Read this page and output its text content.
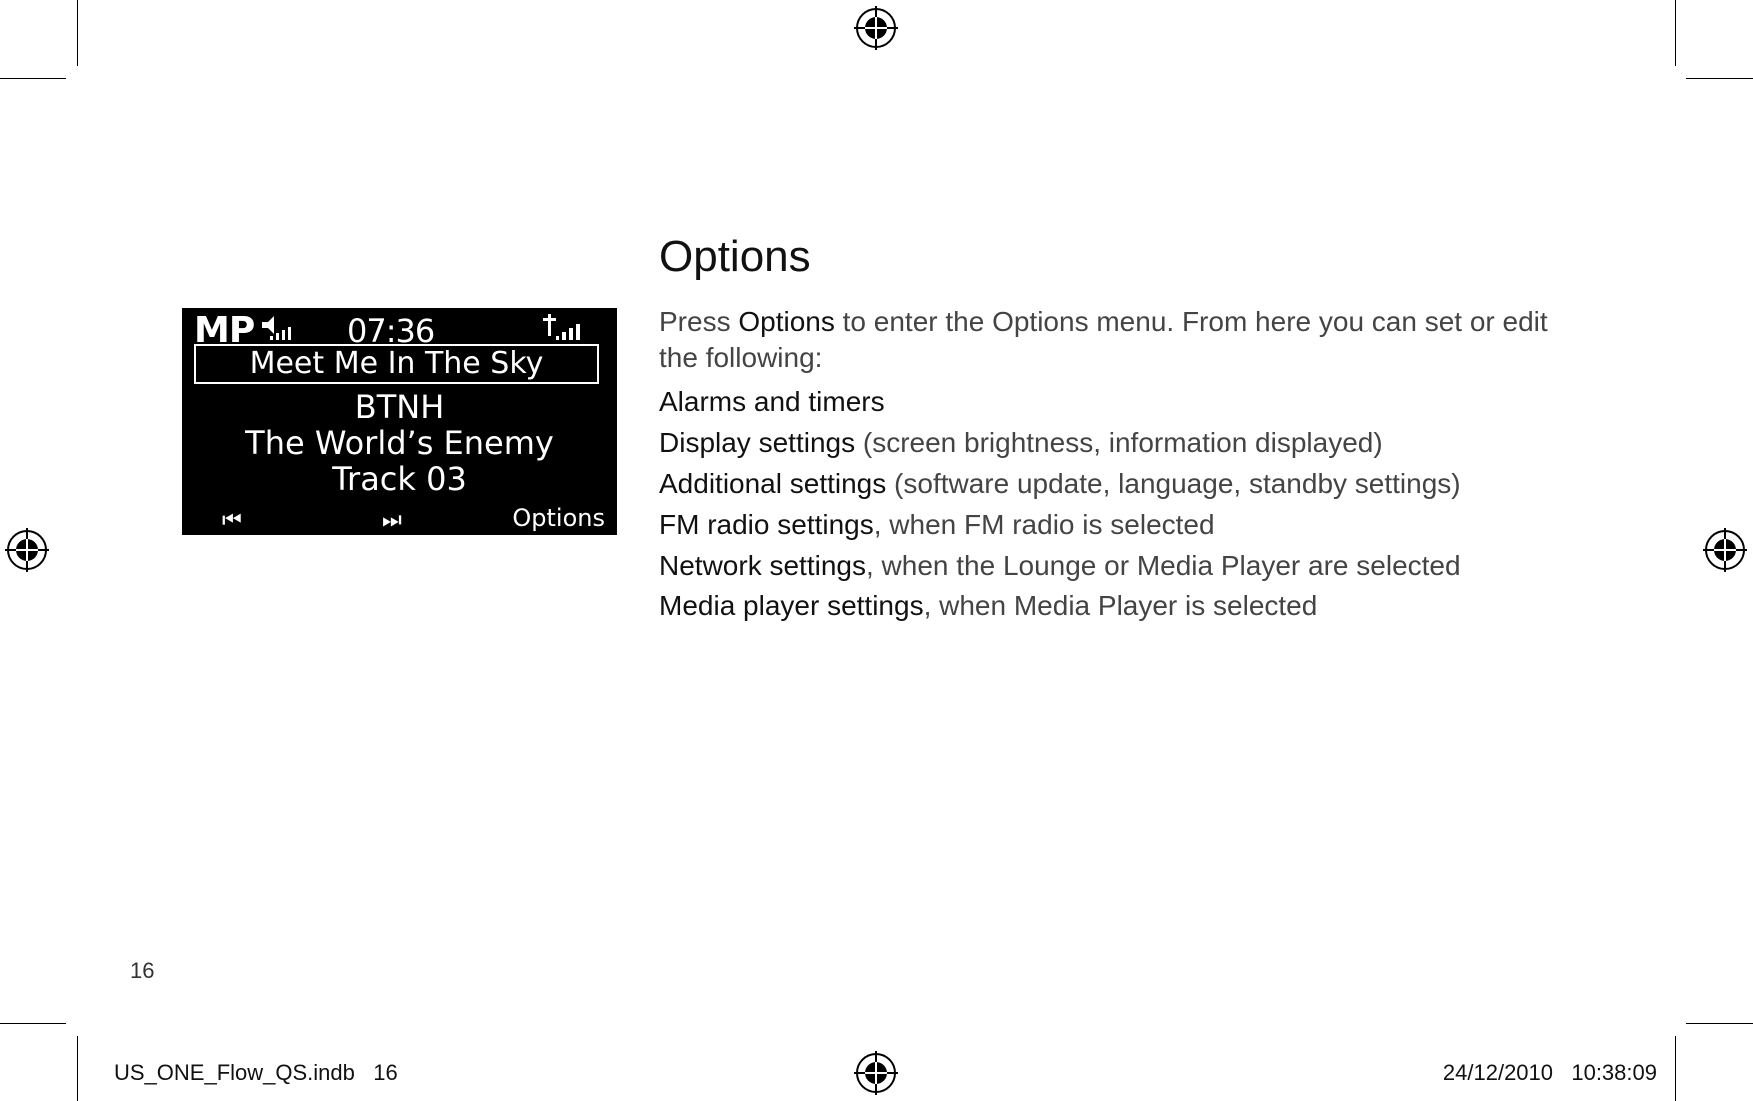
MP	07:36
Meet Me In The Sky
BTNH
The World’s Enemy
Track 03
⏮	⏭	Options
Options

Press Options to enter the Options menu. From here you can set or edit the following:

Alarms and timers
Display settings (screen brightness, information displayed)
Additional settings (software update, language, standby settings)
FM radio settings, when FM radio is selected
Network settings, when the Lounge or Media Player are selected
Media player settings, when Media Player is selected
16
US_ONE_Flow_QS.indb   16	24/12/2010   10:38:09
